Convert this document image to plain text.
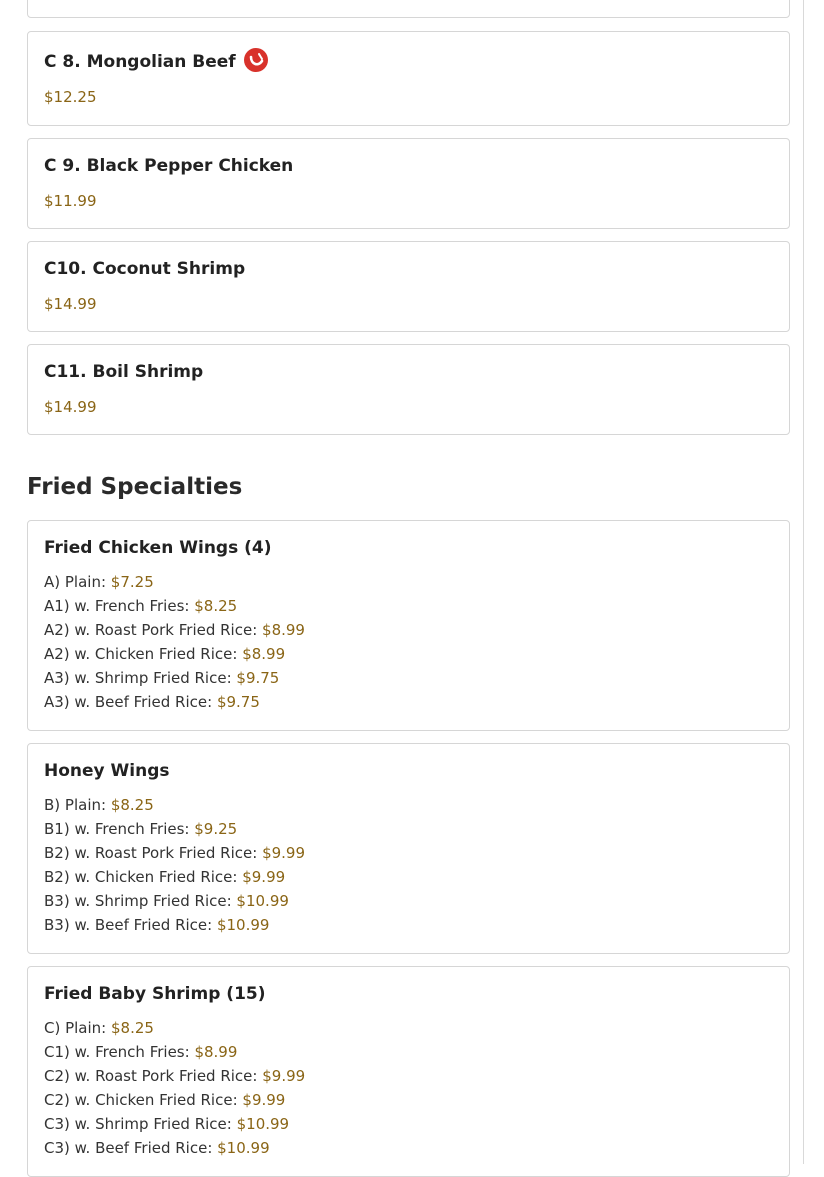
C 8. Mongolian Beef
$12.25
C 9. Black Pepper Chicken
$11.99
C10. Coconut Shrimp
$14.99
C11. Boil Shrimp
$14.99
Fried Specialties
Fried Chicken Wings (4)
A) Plain: $7.25
A1) w. French Fries: $8.25
A2) w. Roast Pork Fried Rice: $8.99
A2) w. Chicken Fried Rice: $8.99
A3) w. Shrimp Fried Rice: $9.75
A3) w. Beef Fried Rice: $9.75
Honey Wings
B) Plain: $8.25
B1) w. French Fries: $9.25
B2) w. Roast Pork Fried Rice: $9.99
B2) w. Chicken Fried Rice: $9.99
B3) w. Shrimp Fried Rice: $10.99
B3) w. Beef Fried Rice: $10.99
Fried Baby Shrimp (15)
C) Plain: $8.25
C1) w. French Fries: $8.99
C2) w. Roast Pork Fried Rice: $9.99
C2) w. Chicken Fried Rice: $9.99
C3) w. Shrimp Fried Rice: $10.99
C3) w. Beef Fried Rice: $10.99
